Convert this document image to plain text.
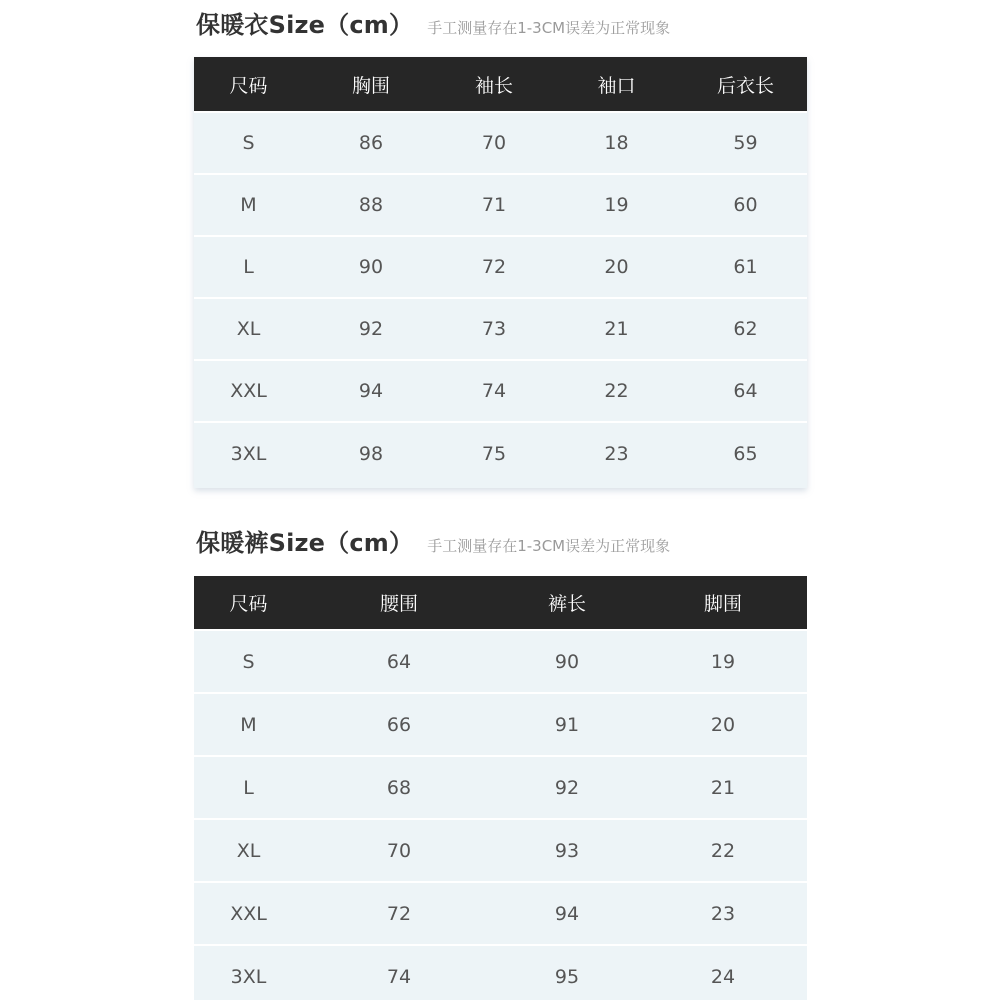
保暖衣Size（cm） 手工测量存在1-3CM误差为正常现象
尺码	胸围	袖长	袖口	后衣长
S	86	70	18	59
M	88	71	19	60
L	90	72	20	61
XL	92	73	21	62
XXL	94	74	22	64
3XL	98	75	23	65
保暖裤Size（cm） 手工测量存在1-3CM误差为正常现象
尺码	腰围	裤长	脚围
S	64	90	19
M	66	91	20
L	68	92	21
XL	70	93	22
XXL	72	94	23
3XL	74	95	24
